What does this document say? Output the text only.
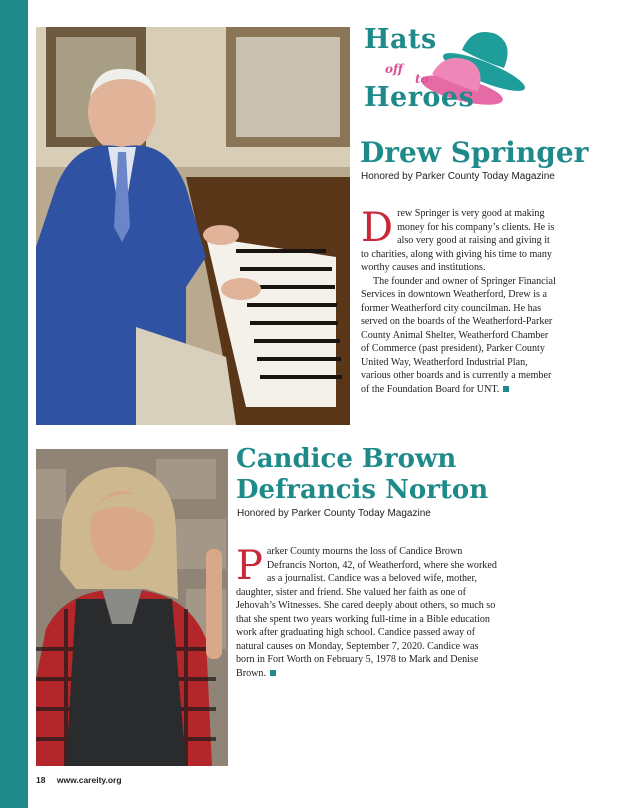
Hats
off
to
Heroes
Drew Springer

Honored by Parker County Today Magazine

D rew Springer is very good at making money for his company’s clients. He is also very good at raising and giving it to charities, along with giving his time to many worthy causes and institutions.

The founder and owner of Springer Financial Services in downtown Weatherford, Drew is a former Weatherford city councilman. He has served on the boards of the Weatherford-Parker County Animal Shelter, Weatherford Chamber of Commerce (past president), Parker County United Way, Weatherford Industrial Plan, various other boards and is currently a member of the Foundation Board for UNT.

Candice Brown
Defrancis Norton

Honored by Parker County Today Magazine

P arker County mourns the loss of Candice Brown Defrancis Norton, 42, of Weatherford, where she worked as a journalist. Candice was a beloved wife, mother, daughter, sister and friend. She valued her faith as one of Jehovah’s Witnesses. She cared deeply about others, so much so that she spent two years working full-time in a Bible education work after graduating high school. Candice passed away of natural causes on Monday, September 7, 2020. Candice was born in Fort Worth on February 5, 1978 to Mark and Denise Brown.

18 www.careity.org
